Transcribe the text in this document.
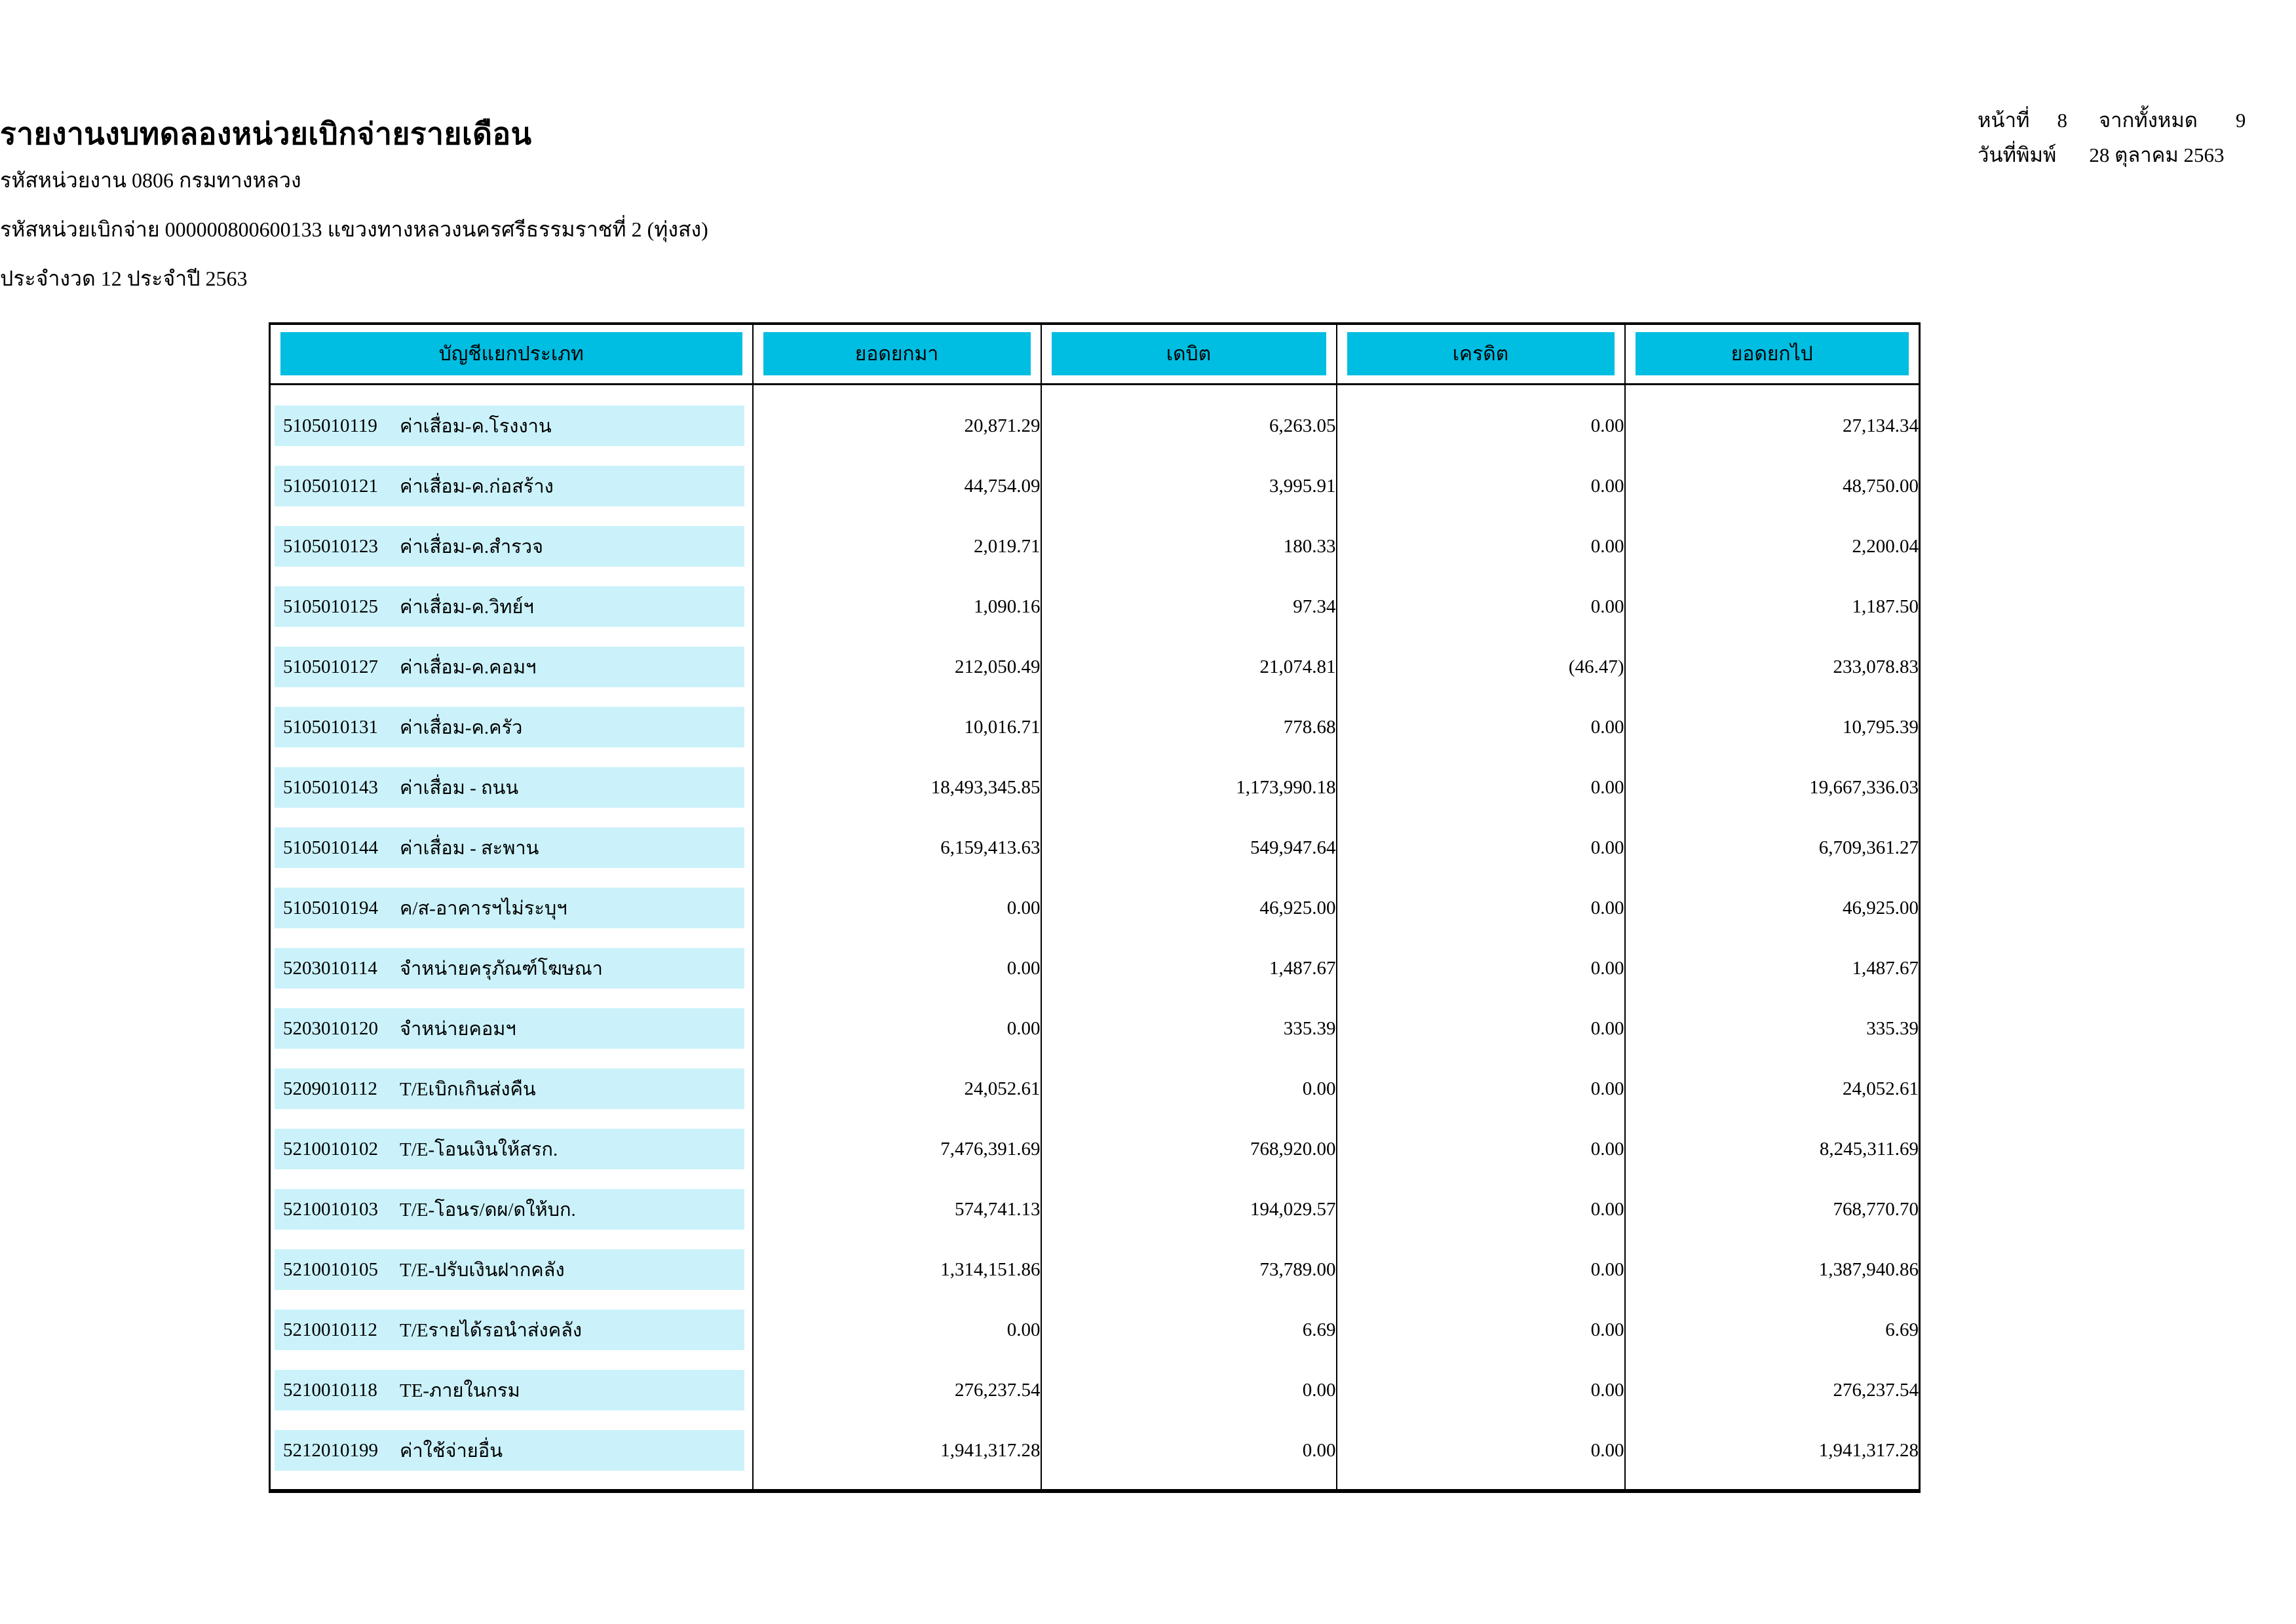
รายงานงบทดลองหน่วยเบิกจ่ายรายเดือน
รหัสหน่วยงาน 0806 กรมทางหลวง
รหัสหน่วยเบิกจ่าย 000000800600133 แขวงทางหลวงนครศรีธรรมราชที่ 2 (ทุ่งสง)
ประจำงวด 12 ประจำปี 2563
หน้าที่ 8 จากทั้งหมด 9
วันที่พิมพ์ 28 ตุลาคม 2563
บัญชีแยกประเภท	ยอดยกมา	เดบิต	เครดิต	ยอดยกไป

5105010119 ค่าเสื่อม-ค.โรงงาน	20,871.29	6,263.05	0.00	27,134.34

5105010121 ค่าเสื่อม-ค.ก่อสร้าง	44,754.09	3,995.91	0.00	48,750.00

5105010123 ค่าเสื่อม-ค.สำรวจ	2,019.71	180.33	0.00	2,200.04

5105010125 ค่าเสื่อม-ค.วิทย์ฯ	1,090.16	97.34	0.00	1,187.50

5105010127 ค่าเสื่อม-ค.คอมฯ	212,050.49	21,074.81	(46.47)	233,078.83

5105010131 ค่าเสื่อม-ค.ครัว	10,016.71	778.68	0.00	10,795.39

5105010143 ค่าเสื่อม - ถนน	18,493,345.85	1,173,990.18	0.00	19,667,336.03

5105010144 ค่าเสื่อม - สะพาน	6,159,413.63	549,947.64	0.00	6,709,361.27

5105010194 ค/ส-อาคารฯไม่ระบุฯ	0.00	46,925.00	0.00	46,925.00

5203010114 จำหน่ายครุภัณฑ์โฆษณา	0.00	1,487.67	0.00	1,487.67

5203010120 จำหน่ายคอมฯ	0.00	335.39	0.00	335.39

5209010112 T/Eเบิกเกินส่งคืน	24,052.61	0.00	0.00	24,052.61

5210010102 T/E-โอนเงินให้สรก.	7,476,391.69	768,920.00	0.00	8,245,311.69

5210010103 T/E-โอนร/ดผ/ดให้บก.	574,741.13	194,029.57	0.00	768,770.70

5210010105 T/E-ปรับเงินฝากคลัง	1,314,151.86	73,789.00	0.00	1,387,940.86

5210010112 T/Eรายได้รอนำส่งคลัง	0.00	6.69	0.00	6.69

5210010118 TE-ภายในกรม	276,237.54	0.00	0.00	276,237.54

5212010199 ค่าใช้จ่ายอื่น	1,941,317.28	0.00	0.00	1,941,317.28
